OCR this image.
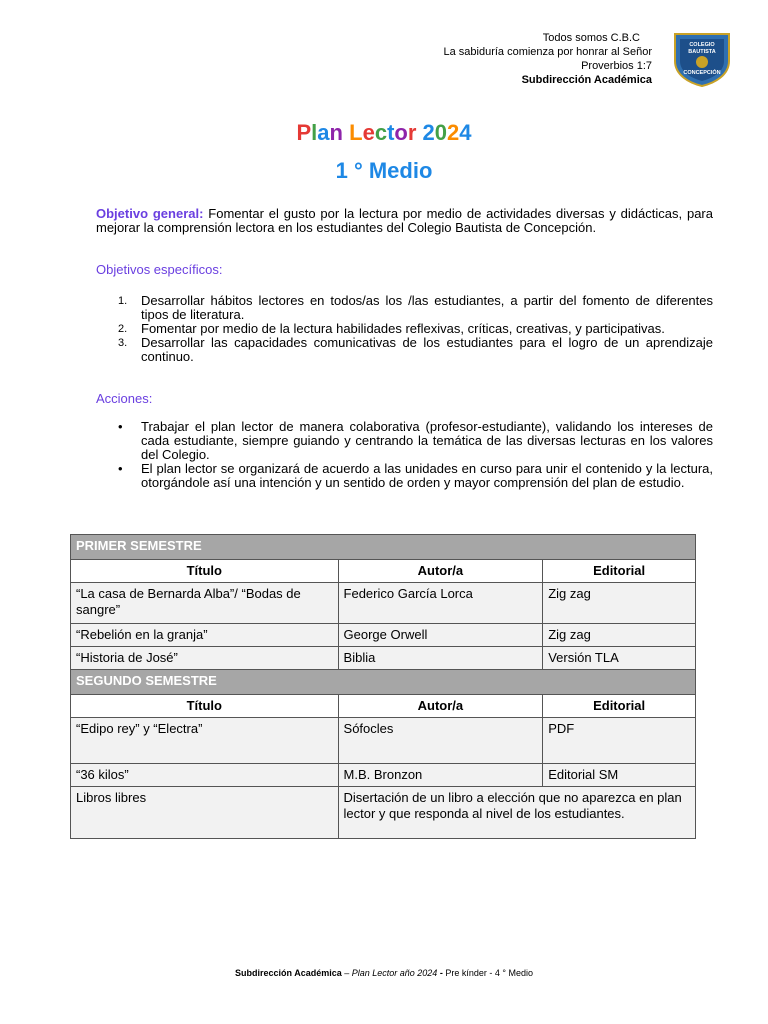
Todos somos C.B.C
La sabiduría comienza por honrar al Señor
Proverbios 1:7
Subdirección Académica
COLEGIO
BAUTISTA
CONCEPCIÓN
Plan Lector 2024
1 ° Medio
Objetivo general: Fomentar el gusto por la lectura por medio de actividades diversas y didácticas, para mejorar la comprensión lectora en los estudiantes del Colegio Bautista de Concepción.
Objetivos específicos:
1. Desarrollar hábitos lectores en todos/as los /las estudiantes, a partir del fomento de diferentes tipos de literatura.
2. Fomentar por medio de la lectura habilidades reflexivas, críticas, creativas, y participativas.
3. Desarrollar las capacidades comunicativas de los estudiantes para el logro de un aprendizaje continuo.
Acciones:
• Trabajar el plan lector de manera colaborativa (profesor-estudiante), validando los intereses de cada estudiante, siempre guiando y centrando la temática de las diversas lecturas en los valores del Colegio.
• El plan lector se organizará de acuerdo a las unidades en curso para unir el contenido y la lectura, otorgándole así una intención y un sentido de orden y mayor comprensión del plan de estudio.
PRIMER SEMESTRE		
Título	Autor/a	Editorial
“La casa de Bernarda Alba”/ “Bodas de sangre”	Federico García Lorca	Zig zag
“Rebelión en la granja”	George Orwell	Zig zag
“Historia de José”	Biblia	Versión TLA
SEGUNDO SEMESTRE		
Título	Autor/a	Editorial
“Edipo rey” y “Electra”	Sófocles	PDF
“36 kilos”	M.B. Bronzon	Editorial SM
Libros libres	Disertación de un libro a elección que no aparezca en plan lector y que responda al nivel de los estudiantes.	
Subdirección Académica – Plan Lector año 2024 - Pre kínder - 4 ° Medio
